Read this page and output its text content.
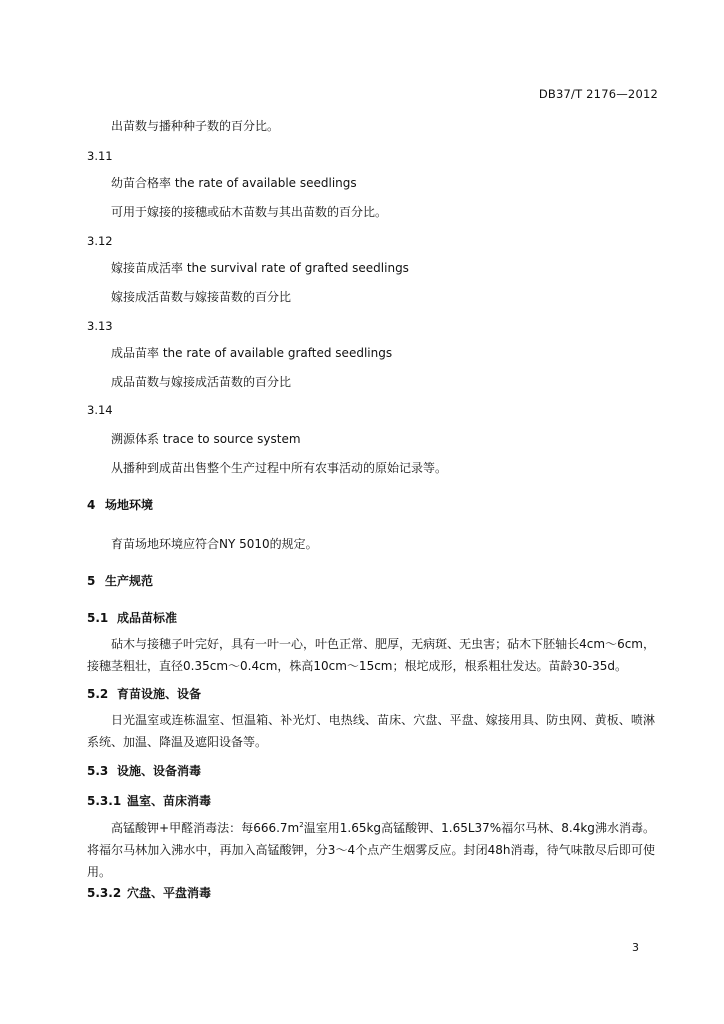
DB37/T 2176—2012
出苗数与播种种子数的百分比。
3.11
幼苗合格率 the rate of available seedlings
可用于嫁接的接穗或砧木苗数与其出苗数的百分比。
3.12
嫁接苗成活率 the survival rate of grafted seedlings
嫁接成活苗数与嫁接苗数的百分比
3.13
成品苗率 the rate of available grafted seedlings
成品苗数与嫁接成活苗数的百分比
3.14
溯源体系 trace to source system
从播种到成苗出售整个生产过程中所有农事活动的原始记录等。
4 场地环境
育苗场地环境应符合NY 5010的规定。
5 生产规范
5.1 成品苗标准
砧木与接穗子叶完好，具有一叶一心，叶色正常、肥厚，无病斑、无虫害；砧木下胚轴长4cm～6cm，接穗茎粗壮，直径0.35cm～0.4cm，株高10cm～15cm；根坨成形，根系粗壮发达。苗龄30-35d。
5.2 育苗设施、设备
日光温室或连栋温室、恒温箱、补光灯、电热线、苗床、穴盘、平盘、嫁接用具、防虫网、黄板、喷淋系统、加温、降温及遮阳设备等。
5.3 设施、设备消毒
5.3.1 温室、苗床消毒
高锰酸钾+甲醛消毒法：每$666.7m^2$温室用1.65kg高锰酸钾、1.65L37%福尔马林、8.4kg沸水消毒。将福尔马林加入沸水中，再加入高锰酸钾，分3～4个点产生烟雾反应。封闭48h消毒，待气味散尽后即可使用。
5.3.2 穴盘、平盘消毒
3
